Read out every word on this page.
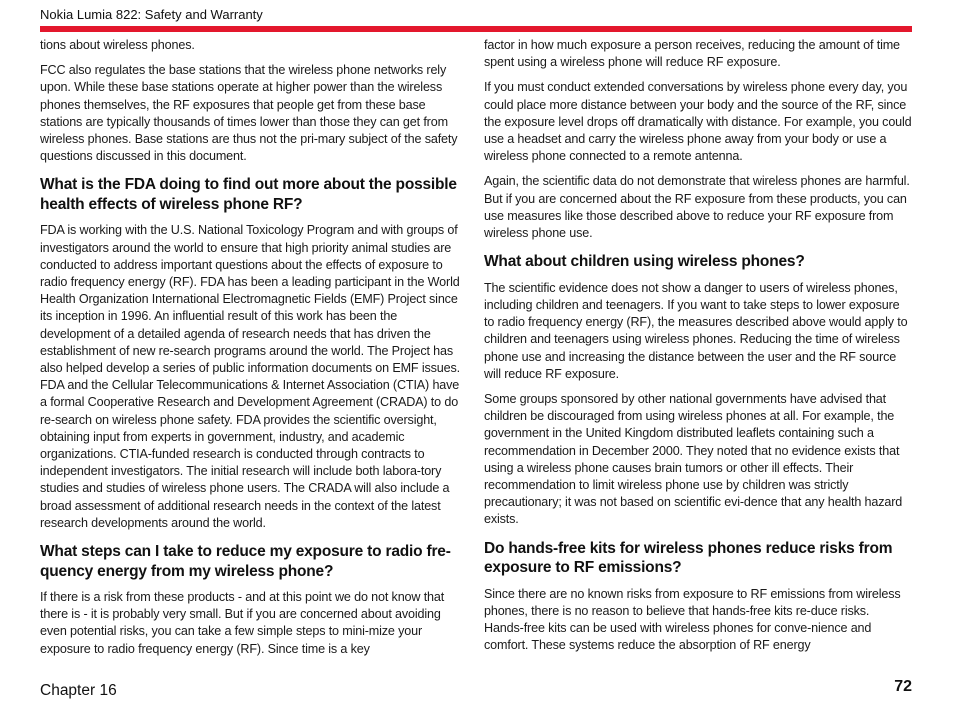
Nokia Lumia 822: Safety and Warranty

tions about wireless phones.

FCC also regulates the base stations that the wireless phone networks rely upon. While these base stations operate at higher power than the wireless phones themselves, the RF exposures that people get from these base stations are typically thousands of times lower than those they can get from wireless phones. Base stations are thus not the pri-mary subject of the safety questions discussed in this document.

What is the FDA doing to find out more about the possible health effects of wireless phone RF?

FDA is working with the U.S. National Toxicology Program and with groups of investigators around the world to ensure that high priority animal studies are conducted to address important questions about the effects of exposure to radio frequency energy (RF). FDA has been a leading participant in the World Health Organization International Electromagnetic Fields (EMF) Project since its inception in 1996. An influential result of this work has been the development of a detailed agenda of research needs that has driven the establishment of new re-search programs around the world. The Project has also helped develop a series of public information documents on EMF issues. FDA and the Cellular Telecommunications & Internet Association (CTIA) have a formal Cooperative Research and Development Agreement (CRADA) to do re-search on wireless phone safety. FDA provides the scientific oversight, obtaining input from experts in government, industry, and academic organizations. CTIA-funded research is conducted through contracts to independent investigators. The initial research will include both labora-tory studies and studies of wireless phone users. The CRADA will also include a broad assessment of additional research needs in the context of the latest research developments around the world.

What steps can I take to reduce my exposure to radio fre-quency energy from my wireless phone?

If there is a risk from these products - and at this point we do not know that there is - it is probably very small. But if you are concerned about avoiding even potential risks, you can take a few simple steps to mini-mize your exposure to radio frequency energy (RF). Since time is a key

factor in how much exposure a person receives, reducing the amount of time spent using a wireless phone will reduce RF exposure.

If you must conduct extended conversations by wireless phone every day, you could place more distance between your body and the source of the RF, since the exposure level drops off dramatically with distance. For example, you could use a headset and carry the wireless phone away from your body or use a wireless phone connected to a remote antenna.

Again, the scientific data do not demonstrate that wireless phones are harmful. But if you are concerned about the RF exposure from these products, you can use measures like those described above to reduce your RF exposure from wireless phone use.

What about children using wireless phones?

The scientific evidence does not show a danger to users of wireless phones, including children and teenagers. If you want to take steps to lower exposure to radio frequency energy (RF), the measures described above would apply to children and teenagers using wireless phones. Reducing the time of wireless phone use and increasing the distance between the user and the RF source will reduce RF exposure.

Some groups sponsored by other national governments have advised that children be discouraged from using wireless phones at all. For example, the government in the United Kingdom distributed leaflets containing such a recommendation in December 2000. They noted that no evidence exists that using a wireless phone causes brain tumors or other ill effects. Their recommendation to limit wireless phone use by children was strictly precautionary; it was not based on scientific evi-dence that any health hazard exists.

Do hands-free kits for wireless phones reduce risks from exposure to RF emissions?

Since there are no known risks from exposure to RF emissions from wireless phones, there is no reason to believe that hands-free kits re-duce risks. Hands-free kits can be used with wireless phones for conve-nience and comfort. These systems reduce the absorption of RF energy

Chapter 16	72
